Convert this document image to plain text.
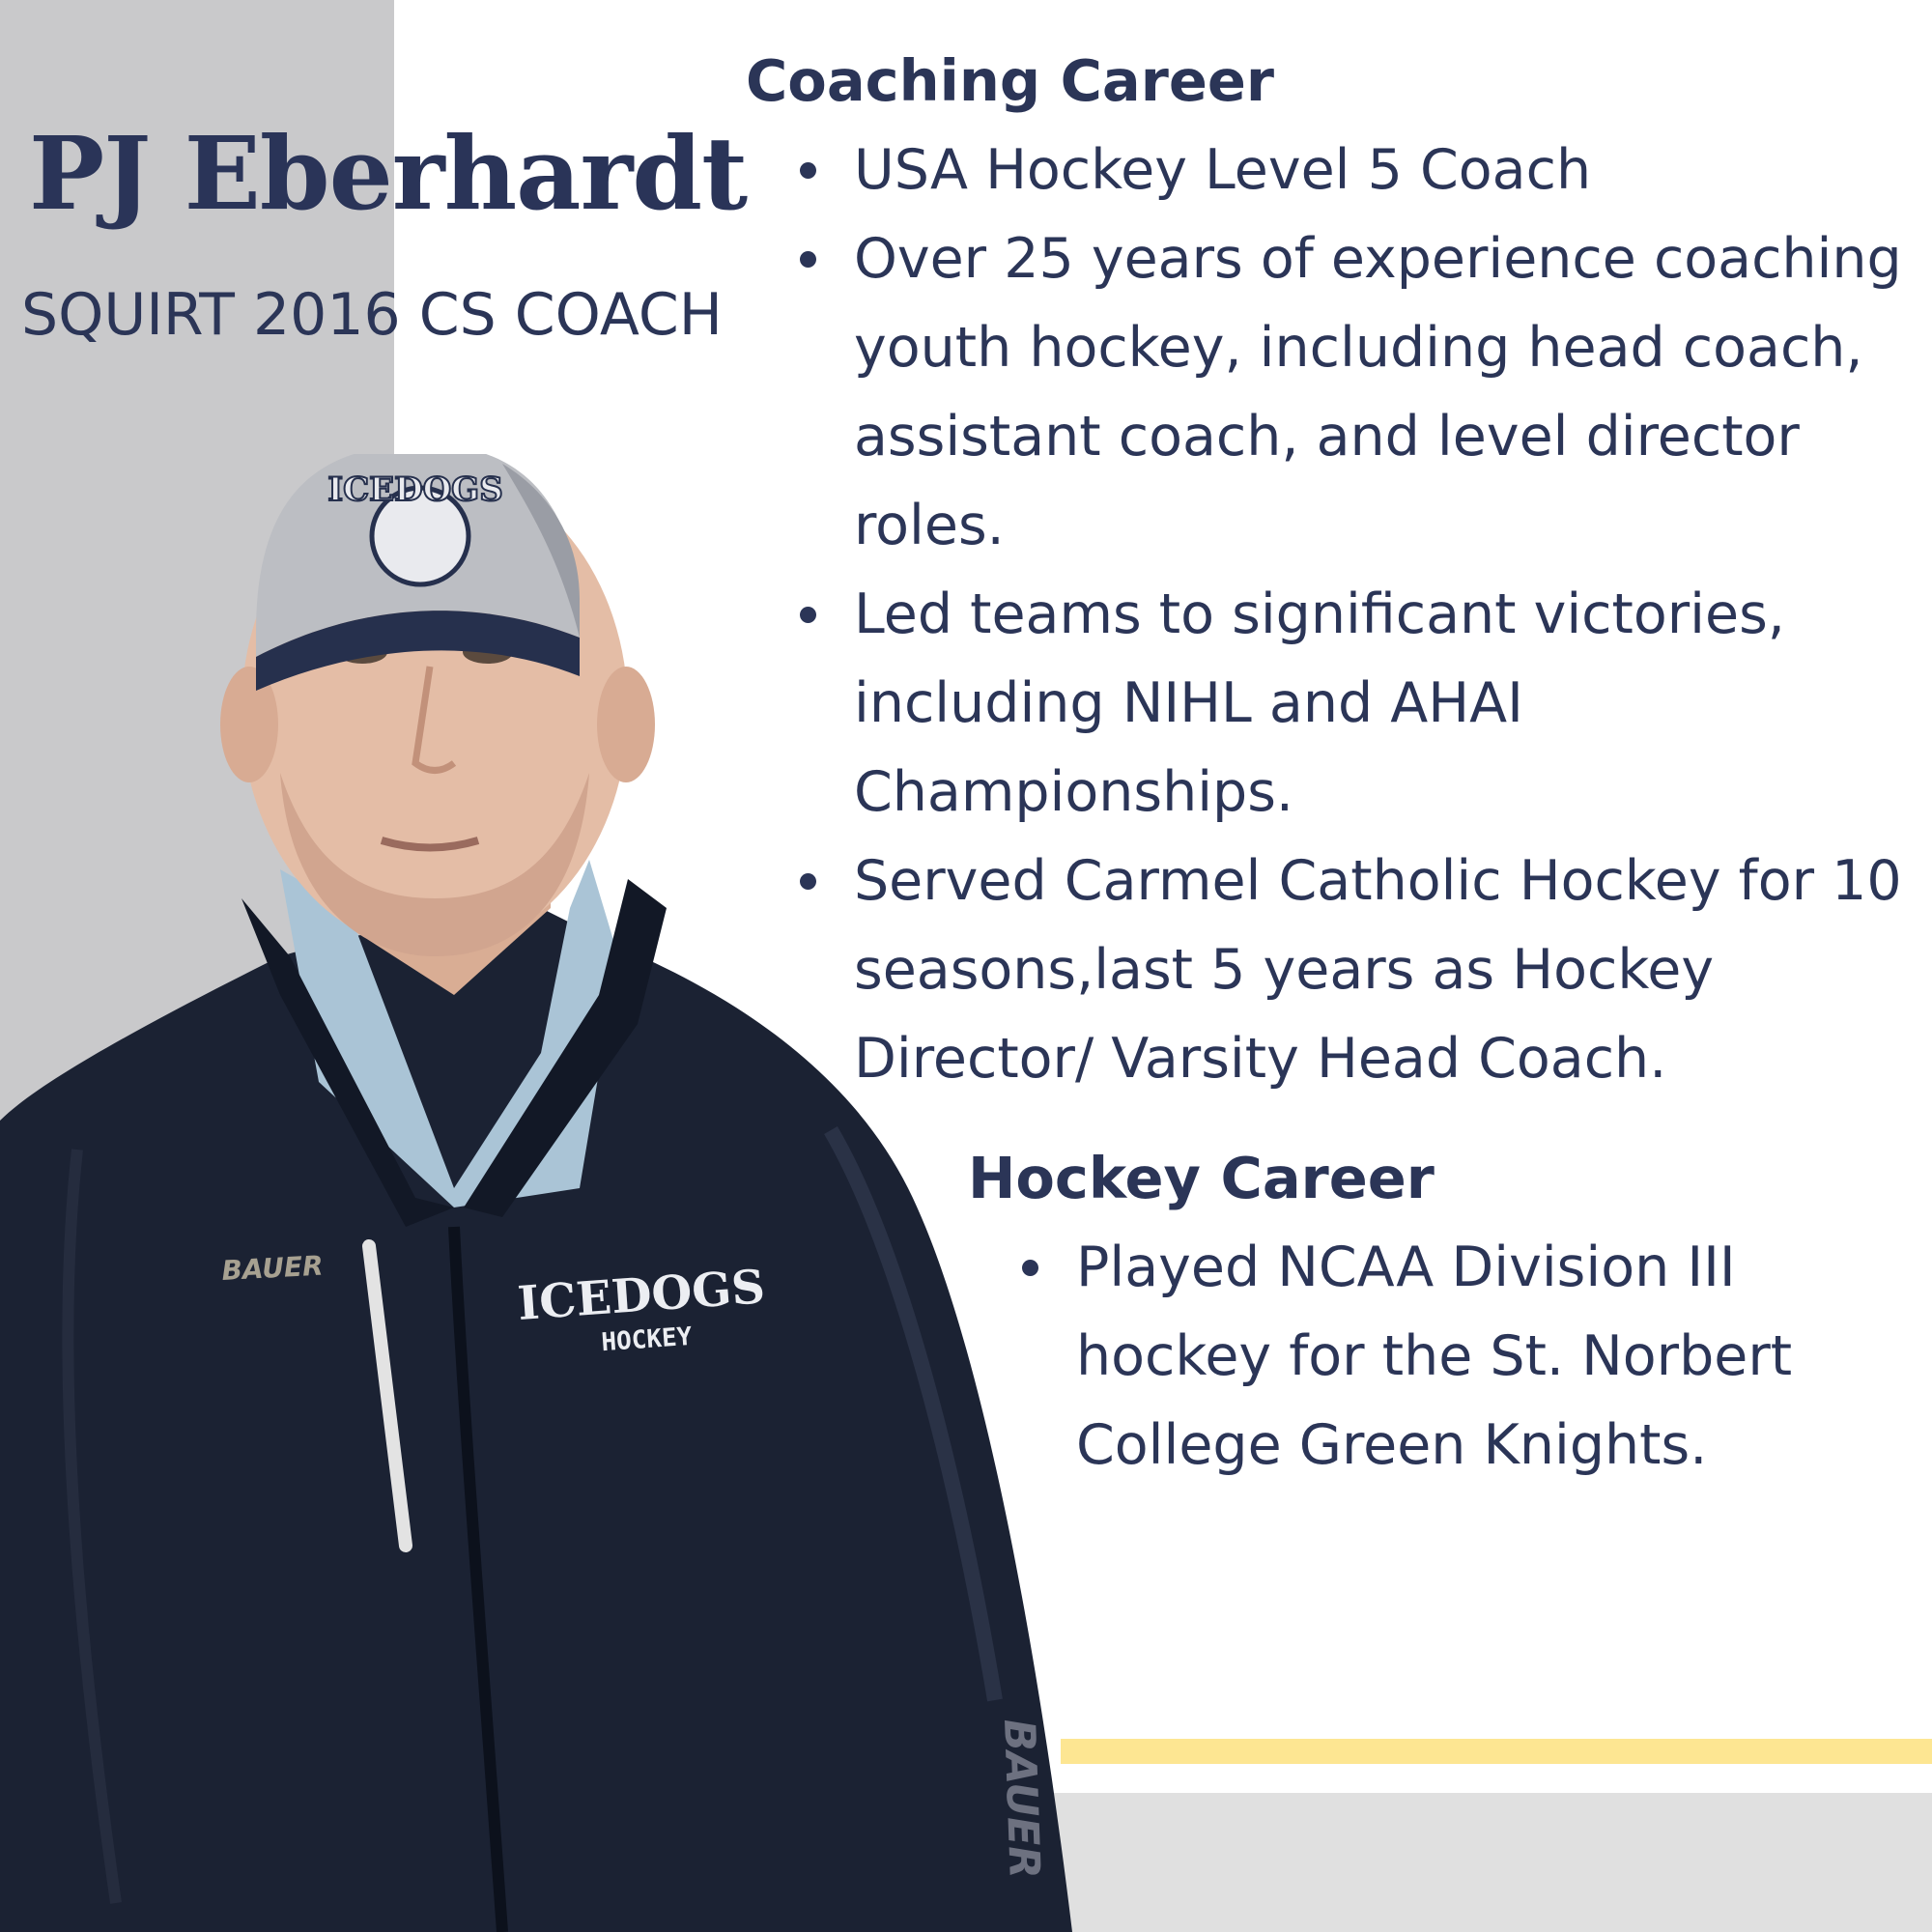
ICEDOGS
BAUER	ICEDOGS
HOCKEY
BAUER
PJ Eberhardt

SQUIRT 2016 CS COACH

Coaching Career
USA Hockey Level 5 Coach
Over 25 years of experience coaching youth hockey, including head coach, assistant coach, and level director roles.
Led teams to significant victories, including NIHL and AHAI Championships.
Served Carmel Catholic Hockey for 10 seasons,last 5 years as Hockey Director/ Varsity Head Coach.
Hockey Career
Played NCAA Division III hockey for the St. Norbert College Green Knights.
